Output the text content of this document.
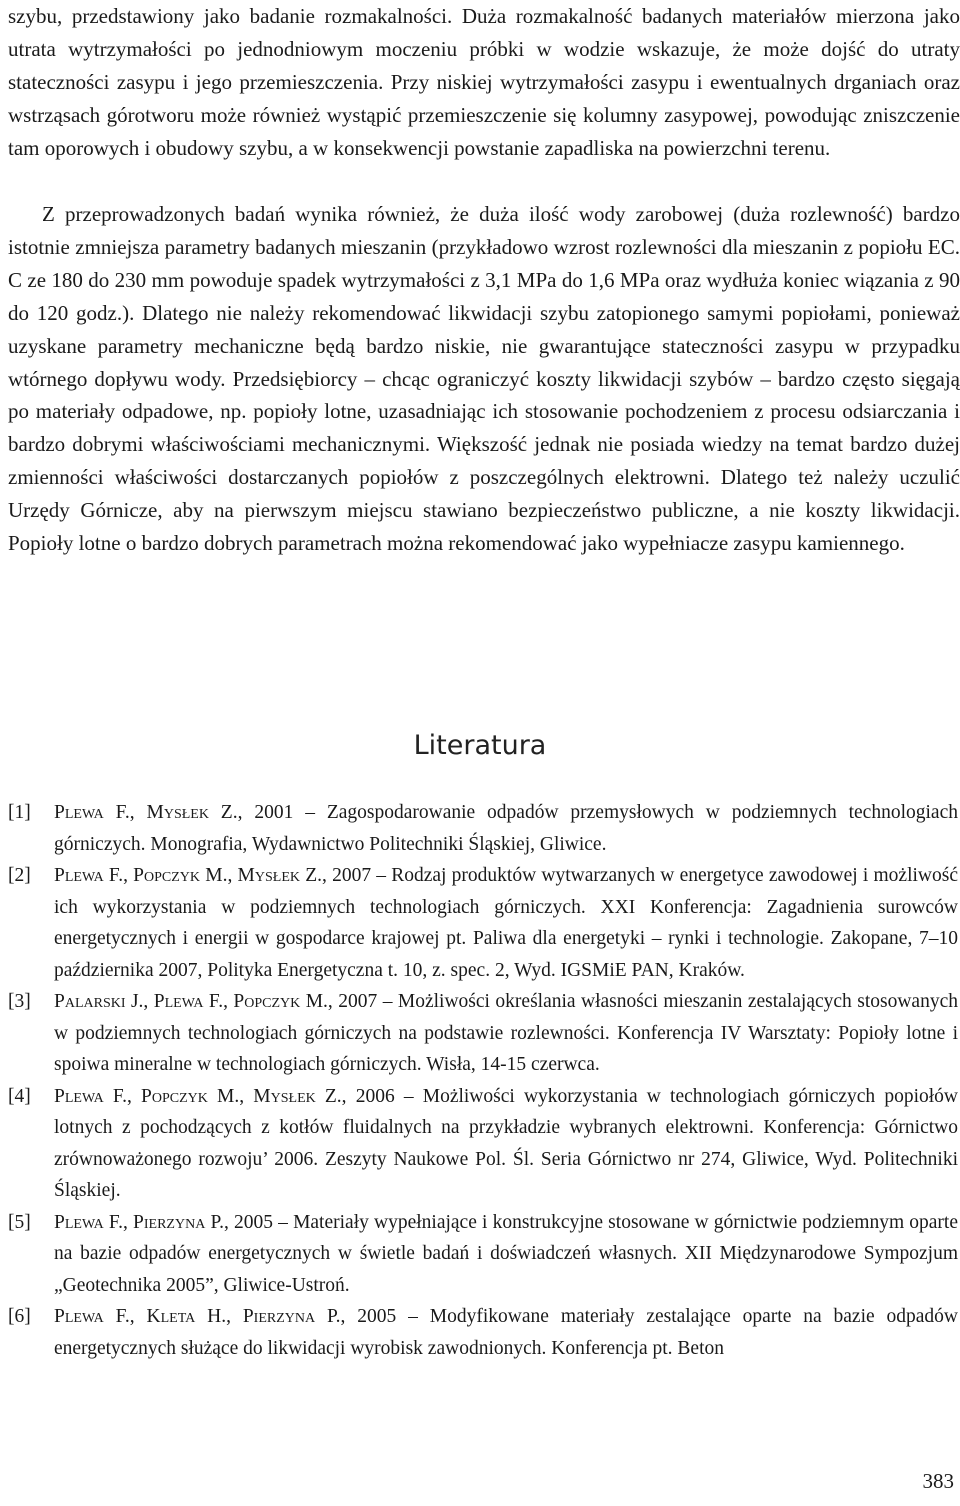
szybu, przedstawiony jako badanie rozmakalności. Duża rozmakalność badanych materiałów mierzona jako utrata wytrzymałości po jednodniowym moczeniu próbki w wodzie wskazuje, że może dojść do utraty stateczności zasypu i jego przemieszczenia. Przy niskiej wytrzymałości zasypu i ewentualnych drganiach oraz wstrząsach górotworu może również wystąpić przemieszczenie się kolumny zasypowej, powodując zniszczenie tam oporowych i obudowy szybu, a w konsekwencji powstanie zapadliska na powierzchni terenu.

Z przeprowadzonych badań wynika również, że duża ilość wody zarobowej (duża rozlewność) bardzo istotnie zmniejsza parametry badanych mieszanin (przykładowo wzrost rozlewności dla mieszanin z popiołu EC. C ze 180 do 230 mm powoduje spadek wytrzymałości z 3,1 MPa do 1,6 MPa oraz wydłuża koniec wiązania z 90 do 120 godz.). Dlatego nie należy rekomendować likwidacji szybu zatopionego samymi popiołami, ponieważ uzyskane parametry mechaniczne będą bardzo niskie, nie gwarantujące stateczności zasypu w przypadku wtórnego dopływu wody. Przedsiębiorcy – chcąc ograniczyć koszty likwidacji szybów – bardzo często sięgają po materiały odpadowe, np. popioły lotne, uzasadniając ich stosowanie pochodzeniem z procesu odsiarczania i bardzo dobrymi właściwościami mechanicznymi. Większość jednak nie posiada wiedzy na temat bardzo dużej zmienności właściwości dostarczanych popiołów z poszczególnych elektrowni. Dlatego też należy uczulić Urzędy Górnicze, aby na pierwszym miejscu stawiano bezpieczeństwo publiczne, a nie koszty likwidacji. Popioły lotne o bardzo dobrych parametrach można rekomendować jako wypełniacze zasypu kamiennego.

Literatura
[1] Plewa F., Mysłek Z., 2001 – Zagospodarowanie odpadów przemysłowych w podziemnych technologiach górniczych. Monografia, Wydawnictwo Politechniki Śląskiej, Gliwice.
[2] Plewa F., Popczyk M., Mysłek Z., 2007 – Rodzaj produktów wytwarzanych w energetyce zawodowej i możliwość ich wykorzystania w podziemnych technologiach górniczych. XXI Konferencja: Zagadnienia surowców energetycznych i energii w gospodarce krajowej pt. Paliwa dla energetyki – rynki i technologie. Zakopane, 7–10 października 2007, Polityka Energetyczna t. 10, z. spec. 2, Wyd. IGSMiE PAN, Kraków.
[3] Palarski J., Plewa F., Popczyk M., 2007 – Możliwości określania własności mieszanin zestalających stosowanych w podziemnych technologiach górniczych na podstawie rozlewności. Konferencja IV Warsztaty: Popioły lotne i spoiwa mineralne w technologiach górniczych. Wisła, 14-15 czerwca.
[4] Plewa F., Popczyk M., Mysłek Z., 2006 – Możliwości wykorzystania w technologiach górniczych popiołów lotnych z pochodzących z kotłów fluidalnych na przykładzie wybranych elektrowni. Konferencja: Górnictwo zrównoważonego rozwoju’ 2006. Zeszyty Naukowe Pol. Śl. Seria Górnictwo nr 274, Gliwice, Wyd. Politechniki Śląskiej.
[5] Plewa F., Pierzyna P., 2005 – Materiały wypełniające i konstrukcyjne stosowane w górnictwie podziemnym oparte na bazie odpadów energetycznych w świetle badań i doświadczeń własnych. XII Międzynarodowe Sympozjum „Geotechnika 2005”, Gliwice-Ustroń.
[6] Plewa F., Kleta H., Pierzyna P., 2005 – Modyfikowane materiały zestalające oparte na bazie odpadów energetycznych służące do likwidacji wyrobisk zawodnionych. Konferencja pt. Beton
383
